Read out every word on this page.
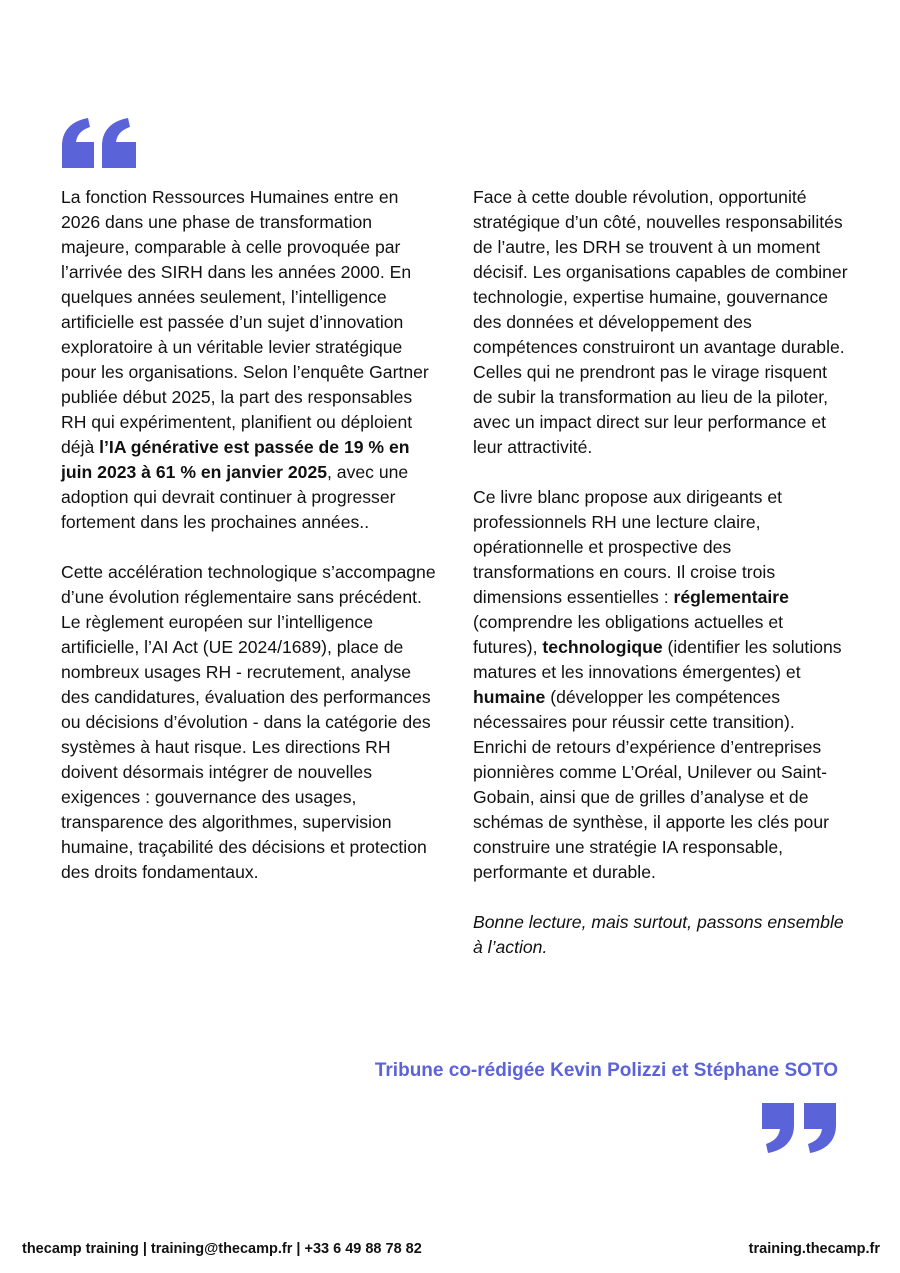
La fonction Ressources Humaines entre en 2026 dans une phase de transformation majeure, comparable à celle provoquée par l’arrivée des SIRH dans les années 2000. En quelques années seulement, l’intelligence artificielle est passée d’un sujet d’innovation exploratoire à un véritable levier stratégique pour les organisations. Selon l’enquête Gartner publiée début 2025, la part des responsables RH qui expérimentent, planifient ou déploient déjà l’IA générative est passée de 19 % en juin 2023 à 61 % en janvier 2025, avec une adoption qui devrait continuer à progresser fortement dans les prochaines années..

Cette accélération technologique s’accompagne d’une évolution réglementaire sans précédent. Le règlement européen sur l’intelligence artificielle, l’AI Act (UE 2024/1689), place de nombreux usages RH - recrutement, analyse des candidatures, évaluation des performances ou décisions d’évolution - dans la catégorie des systèmes à haut risque. Les directions RH doivent désormais intégrer de nouvelles exigences : gouvernance des usages, transparence des algorithmes, supervision humaine, traçabilité des décisions et protection des droits fondamentaux.

Face à cette double révolution, opportunité stratégique d’un côté, nouvelles responsabilités de l’autre, les DRH se trouvent à un moment décisif. Les organisations capables de combiner technologie, expertise humaine, gouvernance des données et développement des compétences construiront un avantage durable. Celles qui ne prendront pas le virage risquent de subir la transformation au lieu de la piloter, avec un impact direct sur leur performance et leur attractivité.

Ce livre blanc propose aux dirigeants et professionnels RH une lecture claire, opérationnelle et prospective des transformations en cours. Il croise trois dimensions essentielles : réglementaire (comprendre les obligations actuelles et futures), technologique (identifier les solutions matures et les innovations émergentes) et humaine (développer les compétences nécessaires pour réussir cette transition). Enrichi de retours d’expérience d’entreprises pionnières comme L’Oréal, Unilever ou Saint-Gobain, ainsi que de grilles d’analyse et de schémas de synthèse, il apporte les clés pour construire une stratégie IA responsable, performante et durable.

Bonne lecture, mais surtout, passons ensemble à l’action.

Tribune co-rédigée Kevin Polizzi et Stéphane SOTO
thecamp training | training@thecamp.fr | +33 6 49 88 78 82	training.thecamp.fr
